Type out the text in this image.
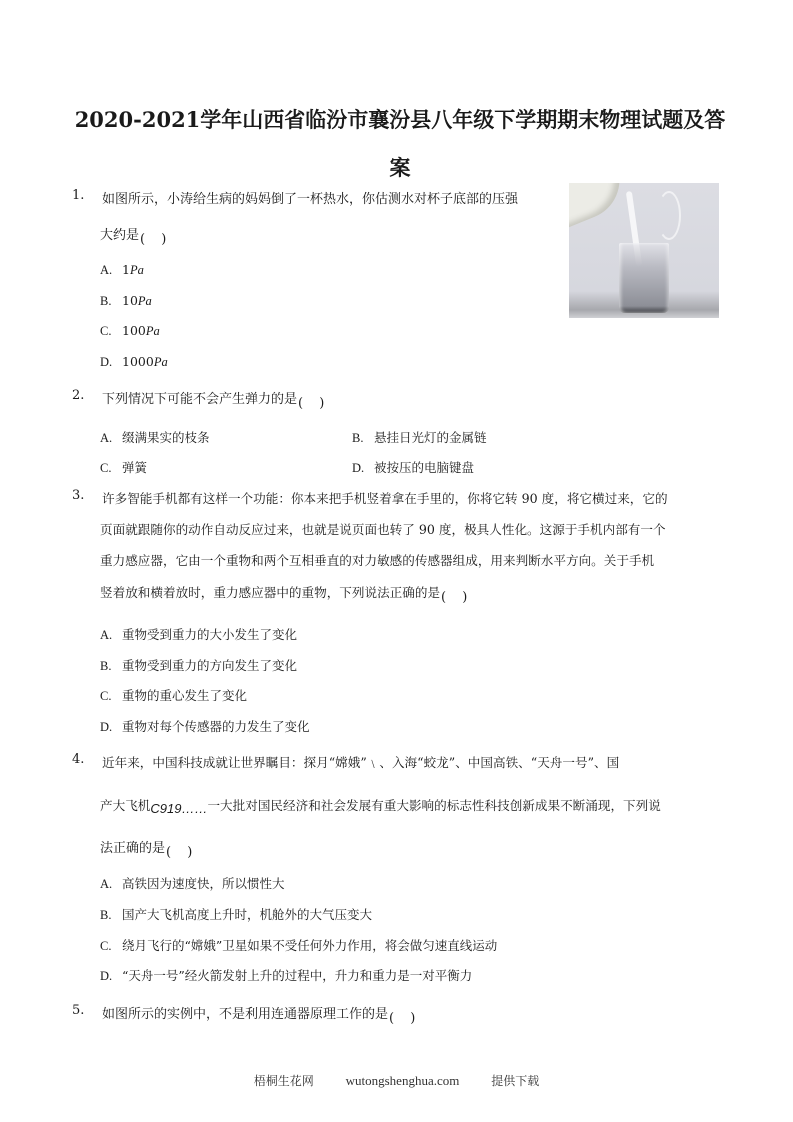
2020-2021学年山西省临汾市襄汾县八年级下学期期末物理试题及答
案
1. 如图所示，小涛给生病的妈妈倒了一杯热水，你估测水对杯子底部的压强
大约是( )
A. 1Pa
B. 10Pa
C. 100Pa
D. 1000Pa
2. 下列情况下可能不会产生弹力的是( )
A. 缀满果实的枝条	B. 悬挂日光灯的金属链
C. 弹簧	D. 被按压的电脑键盘
3. 许多智能手机都有这样一个功能：你本来把手机竖着拿在手里的，你将它转 90 度，将它横过来，它的
页面就跟随你的动作自动反应过来，也就是说页面也转了 90 度，极具人性化。这源于手机内部有一个
重力感应器，它由一个重物和两个互相垂直的对力敏感的传感器组成，用来判断水平方向。关于手机
竖着放和横着放时，重力感应器中的重物，下列说法正确的是( )
A. 重物受到重力的大小发生了变化
B. 重物受到重力的方向发生了变化
C. 重物的重心发生了变化
D. 重物对每个传感器的力发生了变化
4. 近年来，中国科技成就让世界瞩目：探月“嫦娥”﹨、入海“蛟龙”、中国高铁、“天舟一号”、国
产大飞机C919……一大批对国民经济和社会发展有重大影响的标志性科技创新成果不断涌现，下列说
法正确的是( )
A. 高铁因为速度快，所以惯性大
B. 国产大飞机高度上升时，机舱外的大气压变大
C. 绕月飞行的“嫦娥”卫星如果不受任何外力作用，将会做匀速直线运动
D. “天舟一号”经火箭发射上升的过程中，升力和重力是一对平衡力
5. 如图所示的实例中，不是利用连通器原理工作的是( )
梧桐生花网 wutongshenghua.com	提供下载
